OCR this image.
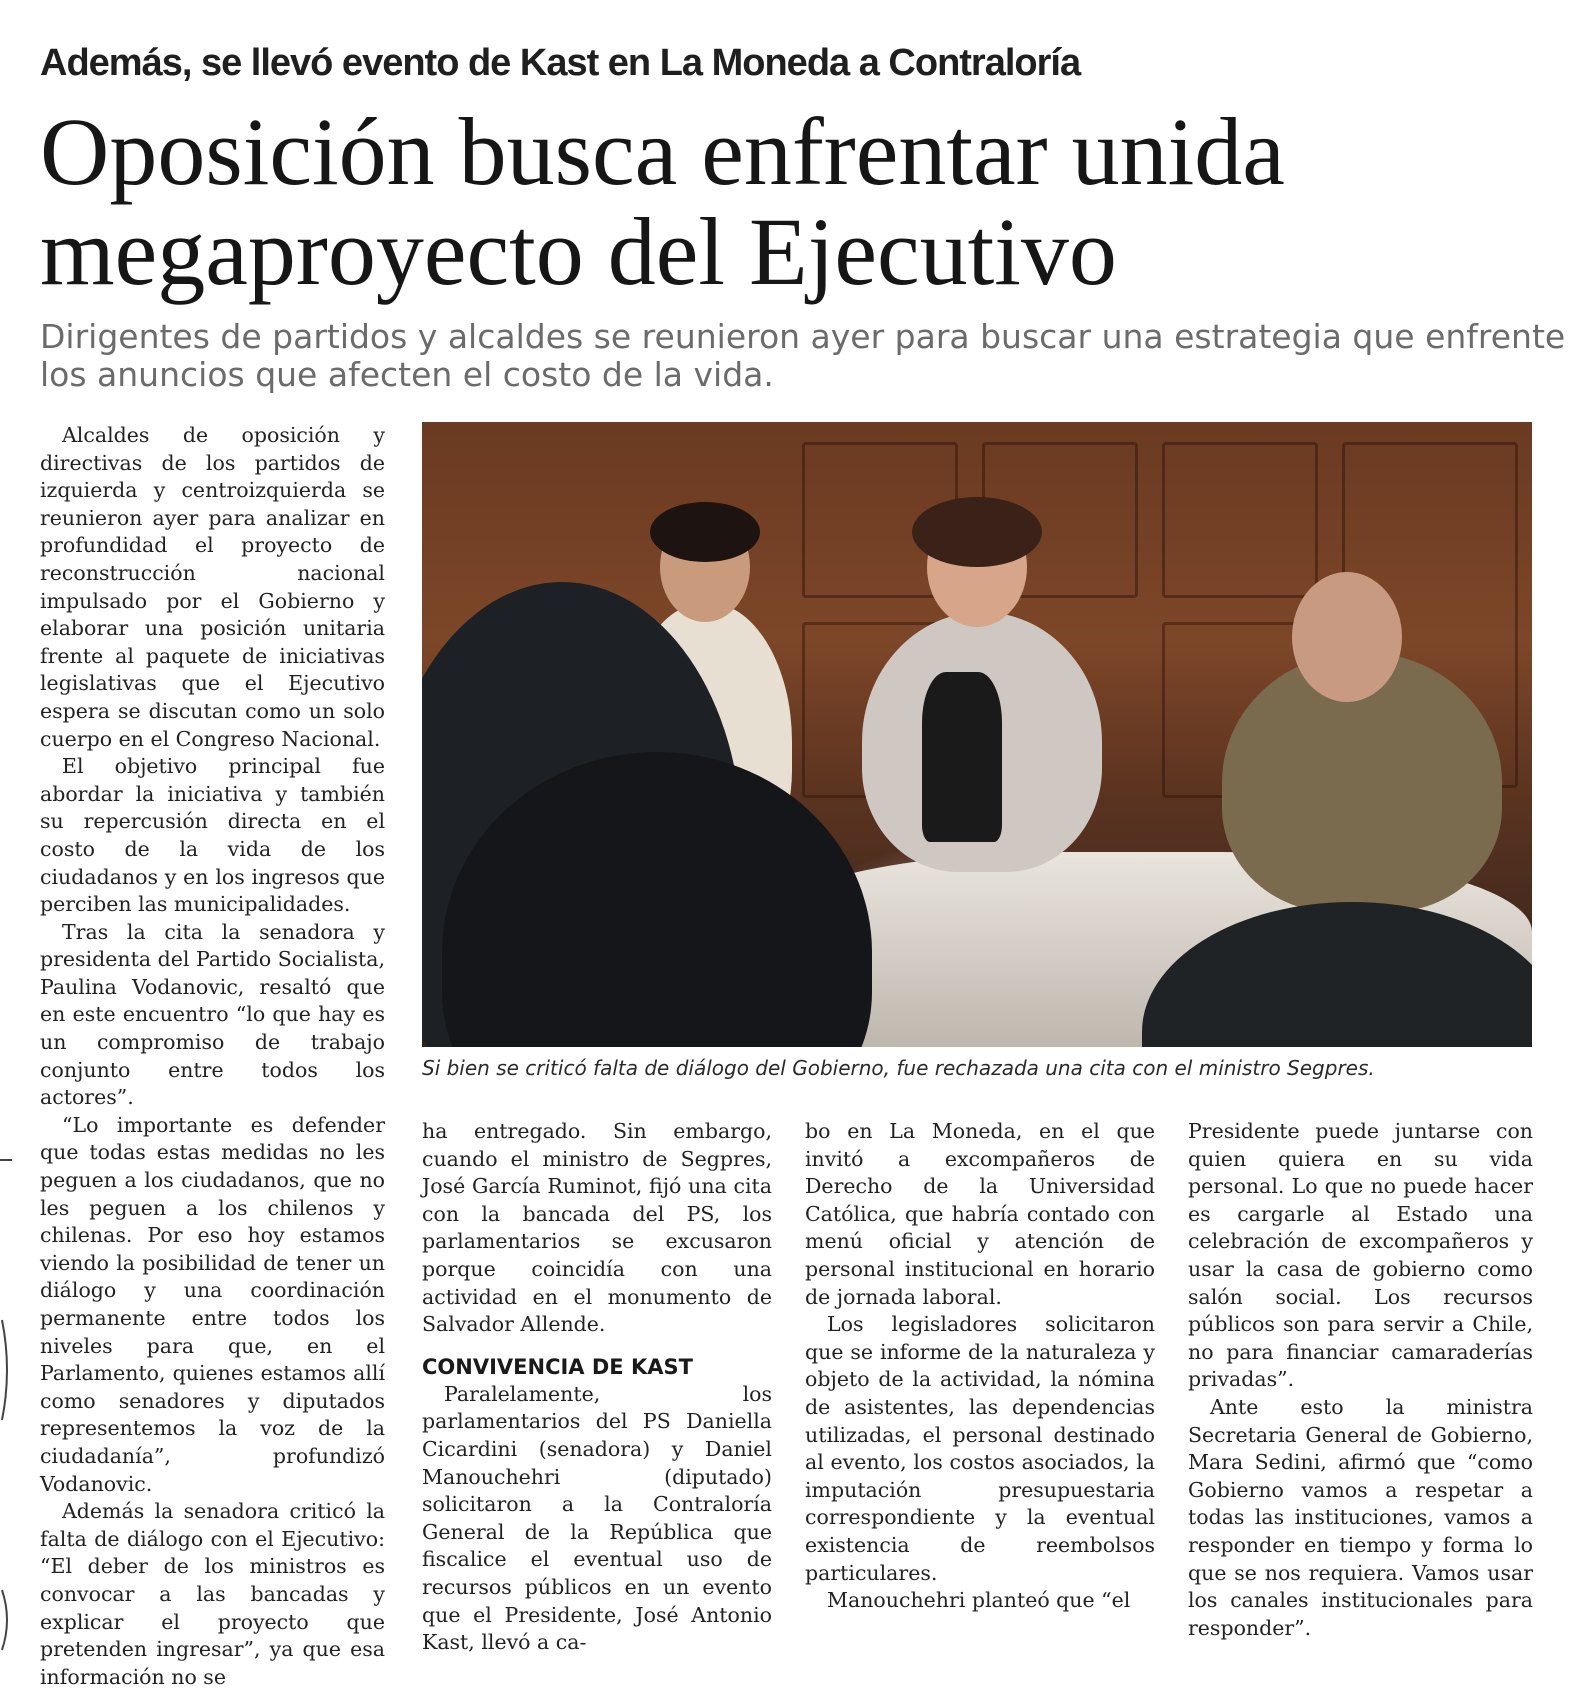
Además, se llevó evento de Kast en La Moneda a Contraloría
Oposición busca enfrentar unida
megaproyecto del Ejecutivo
Dirigentes de partidos y alcaldes se reunieron ayer para buscar una estrategia que enfrente
los anuncios que afecten el costo de la vida.

Alcaldes de oposición y directivas de los partidos de izquierda y centroizquierda se reunieron ayer para analizar en profundidad el proyecto de reconstrucción nacional impulsado por el Gobierno y elaborar una posición unitaria frente al paquete de iniciativas legislativas que el Ejecutivo espera se discutan como un solo cuerpo en el Congreso Nacional.

El objetivo principal fue abordar la iniciativa y también su repercusión directa en el costo de la vida de los ciudadanos y en los ingresos que perciben las municipalidades.

Tras la cita la senadora y presidenta del Partido Socialista, Paulina Vodanovic, resaltó que en este encuentro “lo que hay es un compromiso de trabajo conjunto entre todos los actores”.

“Lo importante es defender que todas estas medidas no les peguen a los ciudadanos, que no les peguen a los chilenos y chilenas. Por eso hoy estamos viendo la posibilidad de tener un diálogo y una coordinación permanente entre todos los niveles para que, en el Parlamento, quienes estamos allí como senadores y diputados representemos la voz de la ciudadanía”, profundizó Vodanovic.

Además la senadora criticó la falta de diálogo con el Ejecutivo: “El deber de los ministros es convocar a las bancadas y explicar el proyecto que pretenden ingresar”, ya que esa información no se

Si bien se criticó falta de diálogo del Gobierno, fue rechazada una cita con el ministro Segpres.

ha entregado. Sin embargo, cuando el ministro de Segpres, José García Ruminot, fijó una cita con la bancada del PS, los parlamentarios se excusaron porque coincidía con una actividad en el monumento de Salvador Allende.

CONVIVENCIA DE KAST

Paralelamente, los parlamentarios del PS Daniella Cicardini (senadora) y Daniel Manouchehri (diputado) solicitaron a la Contraloría General de la República que fiscalice el eventual uso de recursos públicos en un evento que el Presidente, José Antonio Kast, llevó a ca-

bo en La Moneda, en el que invitó a excompañeros de Derecho de la Universidad Católica, que habría contado con menú oficial y atención de personal institucional en horario de jornada laboral.

Los legisladores solicitaron que se informe de la naturaleza y objeto de la actividad, la nómina de asistentes, las dependencias utilizadas, el personal destinado al evento, los costos asociados, la imputación presupuestaria correspondiente y la eventual existencia de reembolsos particulares.

Manouchehri planteó que “el

Presidente puede juntarse con quien quiera en su vida personal. Lo que no puede hacer es cargarle al Estado una celebración de excompañeros y usar la casa de gobierno como salón social. Los recursos públicos son para servir a Chile, no para financiar camaraderías privadas”.

Ante esto la ministra Secretaria General de Gobierno, Mara Sedini, afirmó que “como Gobierno vamos a respetar a todas las instituciones, vamos a responder en tiempo y forma lo que se nos requiera. Vamos usar los canales institucionales para responder”.
